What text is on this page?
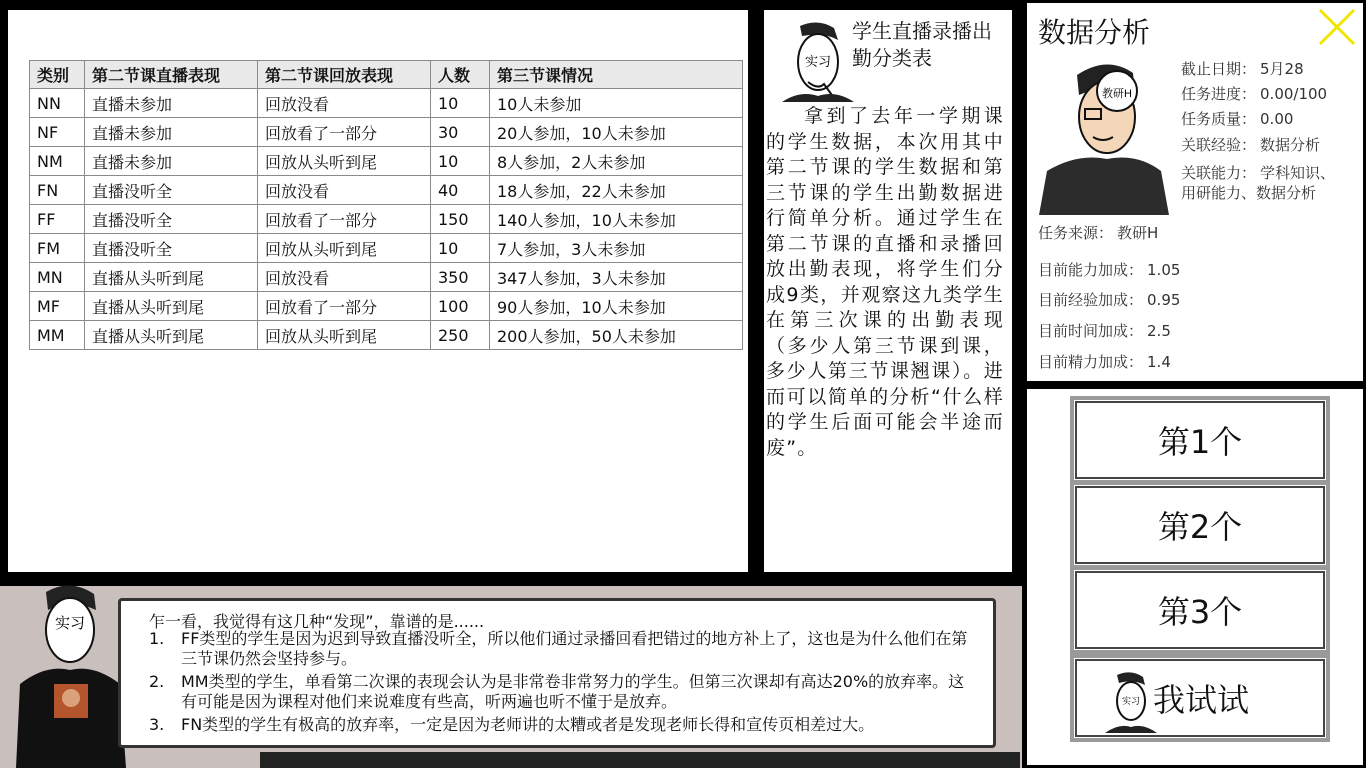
类别	第二节课直播表现	第二节课回放表现	人数	第三节课情况
NN	直播未参加	回放没看	10	10人未参加
NF	直播未参加	回放看了一部分	30	20人参加，10人未参加
NM	直播未参加	回放从头听到尾	10	8人参加，2人未参加
FN	直播没听全	回放没看	40	18人参加，22人未参加
FF	直播没听全	回放看了一部分	150	140人参加，10人未参加
FM	直播没听全	回放从头听到尾	10	7人参加，3人未参加
MN	直播从头听到尾	回放没看	350	347人参加，3人未参加
MF	直播从头听到尾	回放看了一部分	100	90人参加，10人未参加
MM	直播从头听到尾	回放从头听到尾	250	200人参加，50人未参加
实习
学生直播录播出勤分类表
拿到了去年一学期课的学生数据，本次用其中第二节课的学生数据和第三节课的学生出勤数据进行简单分析。通过学生在第二节课的直播和录播回放出勤表现，将学生们分成9类，并观察这九类学生在第三次课的出勤表现（多少人第三节课到课，多少人第三节课翘课）。进而可以简单的分析“什么样的学生后面可能会半途而废”。
数据分析
教研H
截止日期： 5月28
任务进度： 0.00/100
任务质量： 0.00
关联经验： 数据分析
关联能力： 学科知识、
用研能力、数据分析
任务来源： 教研H
目前能力加成： 1.05
目前经验加成： 0.95
目前时间加成： 2.5
目前精力加成： 1.4
第1个
第2个
第3个
实习 我试试
实习	乍一看，我觉得有这几种“发现”，靠谱的是......
1. FF类型的学生是因为迟到导致直播没听全，所以他们通过录播回看把错过的地方补上了，这也是为什么他们在第三节课仍然会坚持参与。
2. MM类型的学生，单看第二次课的表现会认为是非常卷非常努力的学生。但第三次课却有高达20%的放弃率。这有可能是因为课程对他们来说难度有些高，听两遍也听不懂于是放弃。
3. FN类型的学生有极高的放弃率，一定是因为老师讲的太糟或者是发现老师长得和宣传页相差过大。
